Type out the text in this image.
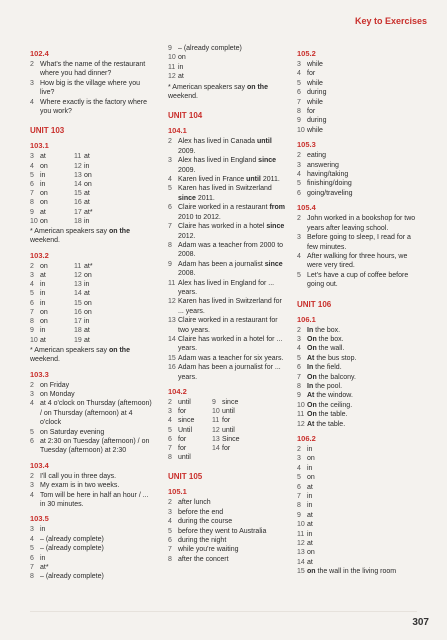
Key to Exercises
102.4
2 What's the name of the restaurant where you had dinner?
3 How big is the village where you live?
4 Where exactly is the factory where you work?
UNIT 103
103.1
3 at	11 at
4 on	12 in
5 in	13 on
6 in	14 on
7 on	15 at
8 on	16 at
9 at	17 at*
10 on	18 in
* American speakers say on the weekend.
103.2
2 on	11 at*
3 at	12 on
4 in	13 in
5 in	14 at
6 in	15 on
7 on	16 on
8 on	17 in
9 in	18 at
10 at	19 at
* American speakers say on the weekend.
103.3
2 on Friday
3 on Monday
4 at 4 o'clock on Thursday (afternoon) / on Thursday (afternoon) at 4 o'clock
5 on Saturday evening
6 at 2:30 on Tuesday (afternoon) / on Tuesday (afternoon) at 2:30
103.4
2 I'll call you in three days.
3 My exam is in two weeks.
4 Tom will be here in half an hour / ... in 30 minutes.
103.5
3 in
4 – (already complete)
5 – (already complete)
6 in
7 at*
8 – (already complete)
9 – (already complete)
10 on
11 in
12 at
* American speakers say on the weekend.
UNIT 104
104.1
2 Alex has lived in Canada until 2009.
3 Alex has lived in England since 2009.
4 Karen lived in France until 2011.
5 Karen has lived in Switzerland since 2011.
6 Claire worked in a restaurant from 2010 to 2012.
7 Claire has worked in a hotel since 2012.
8 Adam was a teacher from 2000 to 2008.
9 Adam has been a journalist since 2008.
11 Alex has lived in England for ... years.
12 Karen has lived in Switzerland for ... years.
13 Claire worked in a restaurant for two years.
14 Claire has worked in a hotel for ... years.
15 Adam was a teacher for six years.
16 Adam has been a journalist for ... years.
104.2
2 until	9 since
3 for	10 until
4 since	11 for
5 Until	12 until
6 for	13 Since
7 for	14 for
8 until
UNIT 105
105.1
2 after lunch
3 before the end
4 during the course
5 before they went to Australia
6 during the night
7 while you're waiting
8 after the concert
105.2
3 while
4 for
5 while
6 during
7 while
8 for
9 during
10 while
105.3
2 eating
3 answering
4 having/taking
5 finishing/doing
6 going/traveling
105.4
2 John worked in a bookshop for two years after leaving school.
3 Before going to sleep, I read for a few minutes.
4 After walking for three hours, we were very tired.
5 Let's have a cup of coffee before going out.
UNIT 106
106.1
2 In the box.
3 On the box.
4 On the wall.
5 At the bus stop.
6 In the field.
7 On the balcony.
8 In the pool.
9 At the window.
10 On the ceiling.
11 On the table.
12 At the table.
106.2
2 in
3 on
4 in
5 on
6 at
7 in
8 in
9 at
10 at
11 in
12 at
13 on
14 at
15 on the wall in the living room
307
